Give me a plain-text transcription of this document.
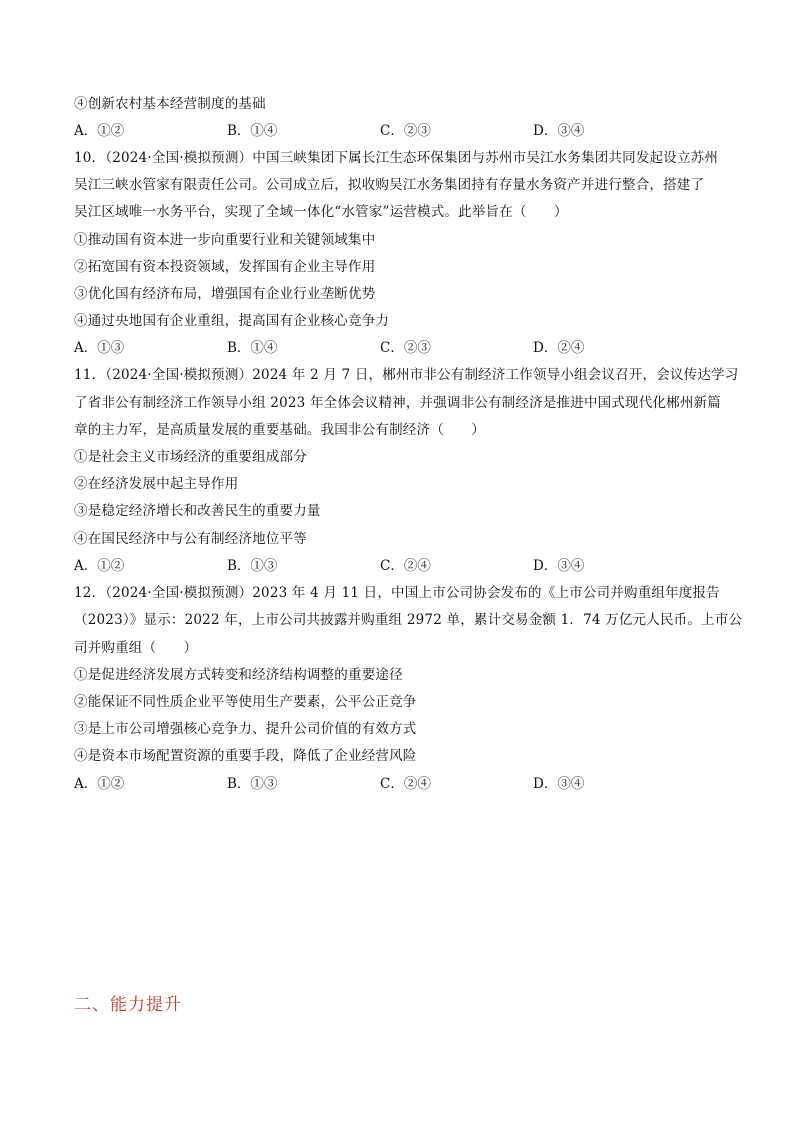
④创新农村基本经营制度的基础
A．①②	B．①④	C．②③	D．③④
10．（2024·全国·模拟预测）中国三峡集团下属长江生态环保集团与苏州市吴江水务集团共同发起设立苏州
吴江三峡水管家有限责任公司。公司成立后，拟收购吴江水务集团持有存量水务资产并进行整合，搭建了
吴江区域唯一水务平台，实现了全域一体化“水管家”运营模式。此举旨在（　　）
①推动国有资本进一步向重要行业和关键领域集中
②拓宽国有资本投资领域，发挥国有企业主导作用
③优化国有经济布局，增强国有企业行业垄断优势
④通过央地国有企业重组，提高国有企业核心竞争力
A．①③	B．①④	C．②③	D．②④
11．（2024·全国·模拟预测）2024 年 2 月 7 日，郴州市非公有制经济工作领导小组会议召开，会议传达学习
了省非公有制经济工作领导小组 2023 年全体会议精神，并强调非公有制经济是推进中国式现代化郴州新篇
章的主力军，是高质量发展的重要基础。我国非公有制经济（　　）
①是社会主义市场经济的重要组成部分
②在经济发展中起主导作用
③是稳定经济增长和改善民生的重要力量
④在国民经济中与公有制经济地位平等
A．①②	B．①③	C．②④	D．③④
12．（2024·全国·模拟预测）2023 年 4 月 11 日，中国上市公司协会发布的《上市公司并购重组年度报告
（2023）》显示：2022 年，上市公司共披露并购重组 2972 单，累计交易金额 1．74 万亿元人民币。上市公
司并购重组（　　）
①是促进经济发展方式转变和经济结构调整的重要途径
②能保证不同性质企业平等使用生产要素，公平公正竞争
③是上市公司增强核心竞争力、提升公司价值的有效方式
④是资本市场配置资源的重要手段，降低了企业经营风险
A．①②	B．①③	C．②④	D．③④
二、能力提升
